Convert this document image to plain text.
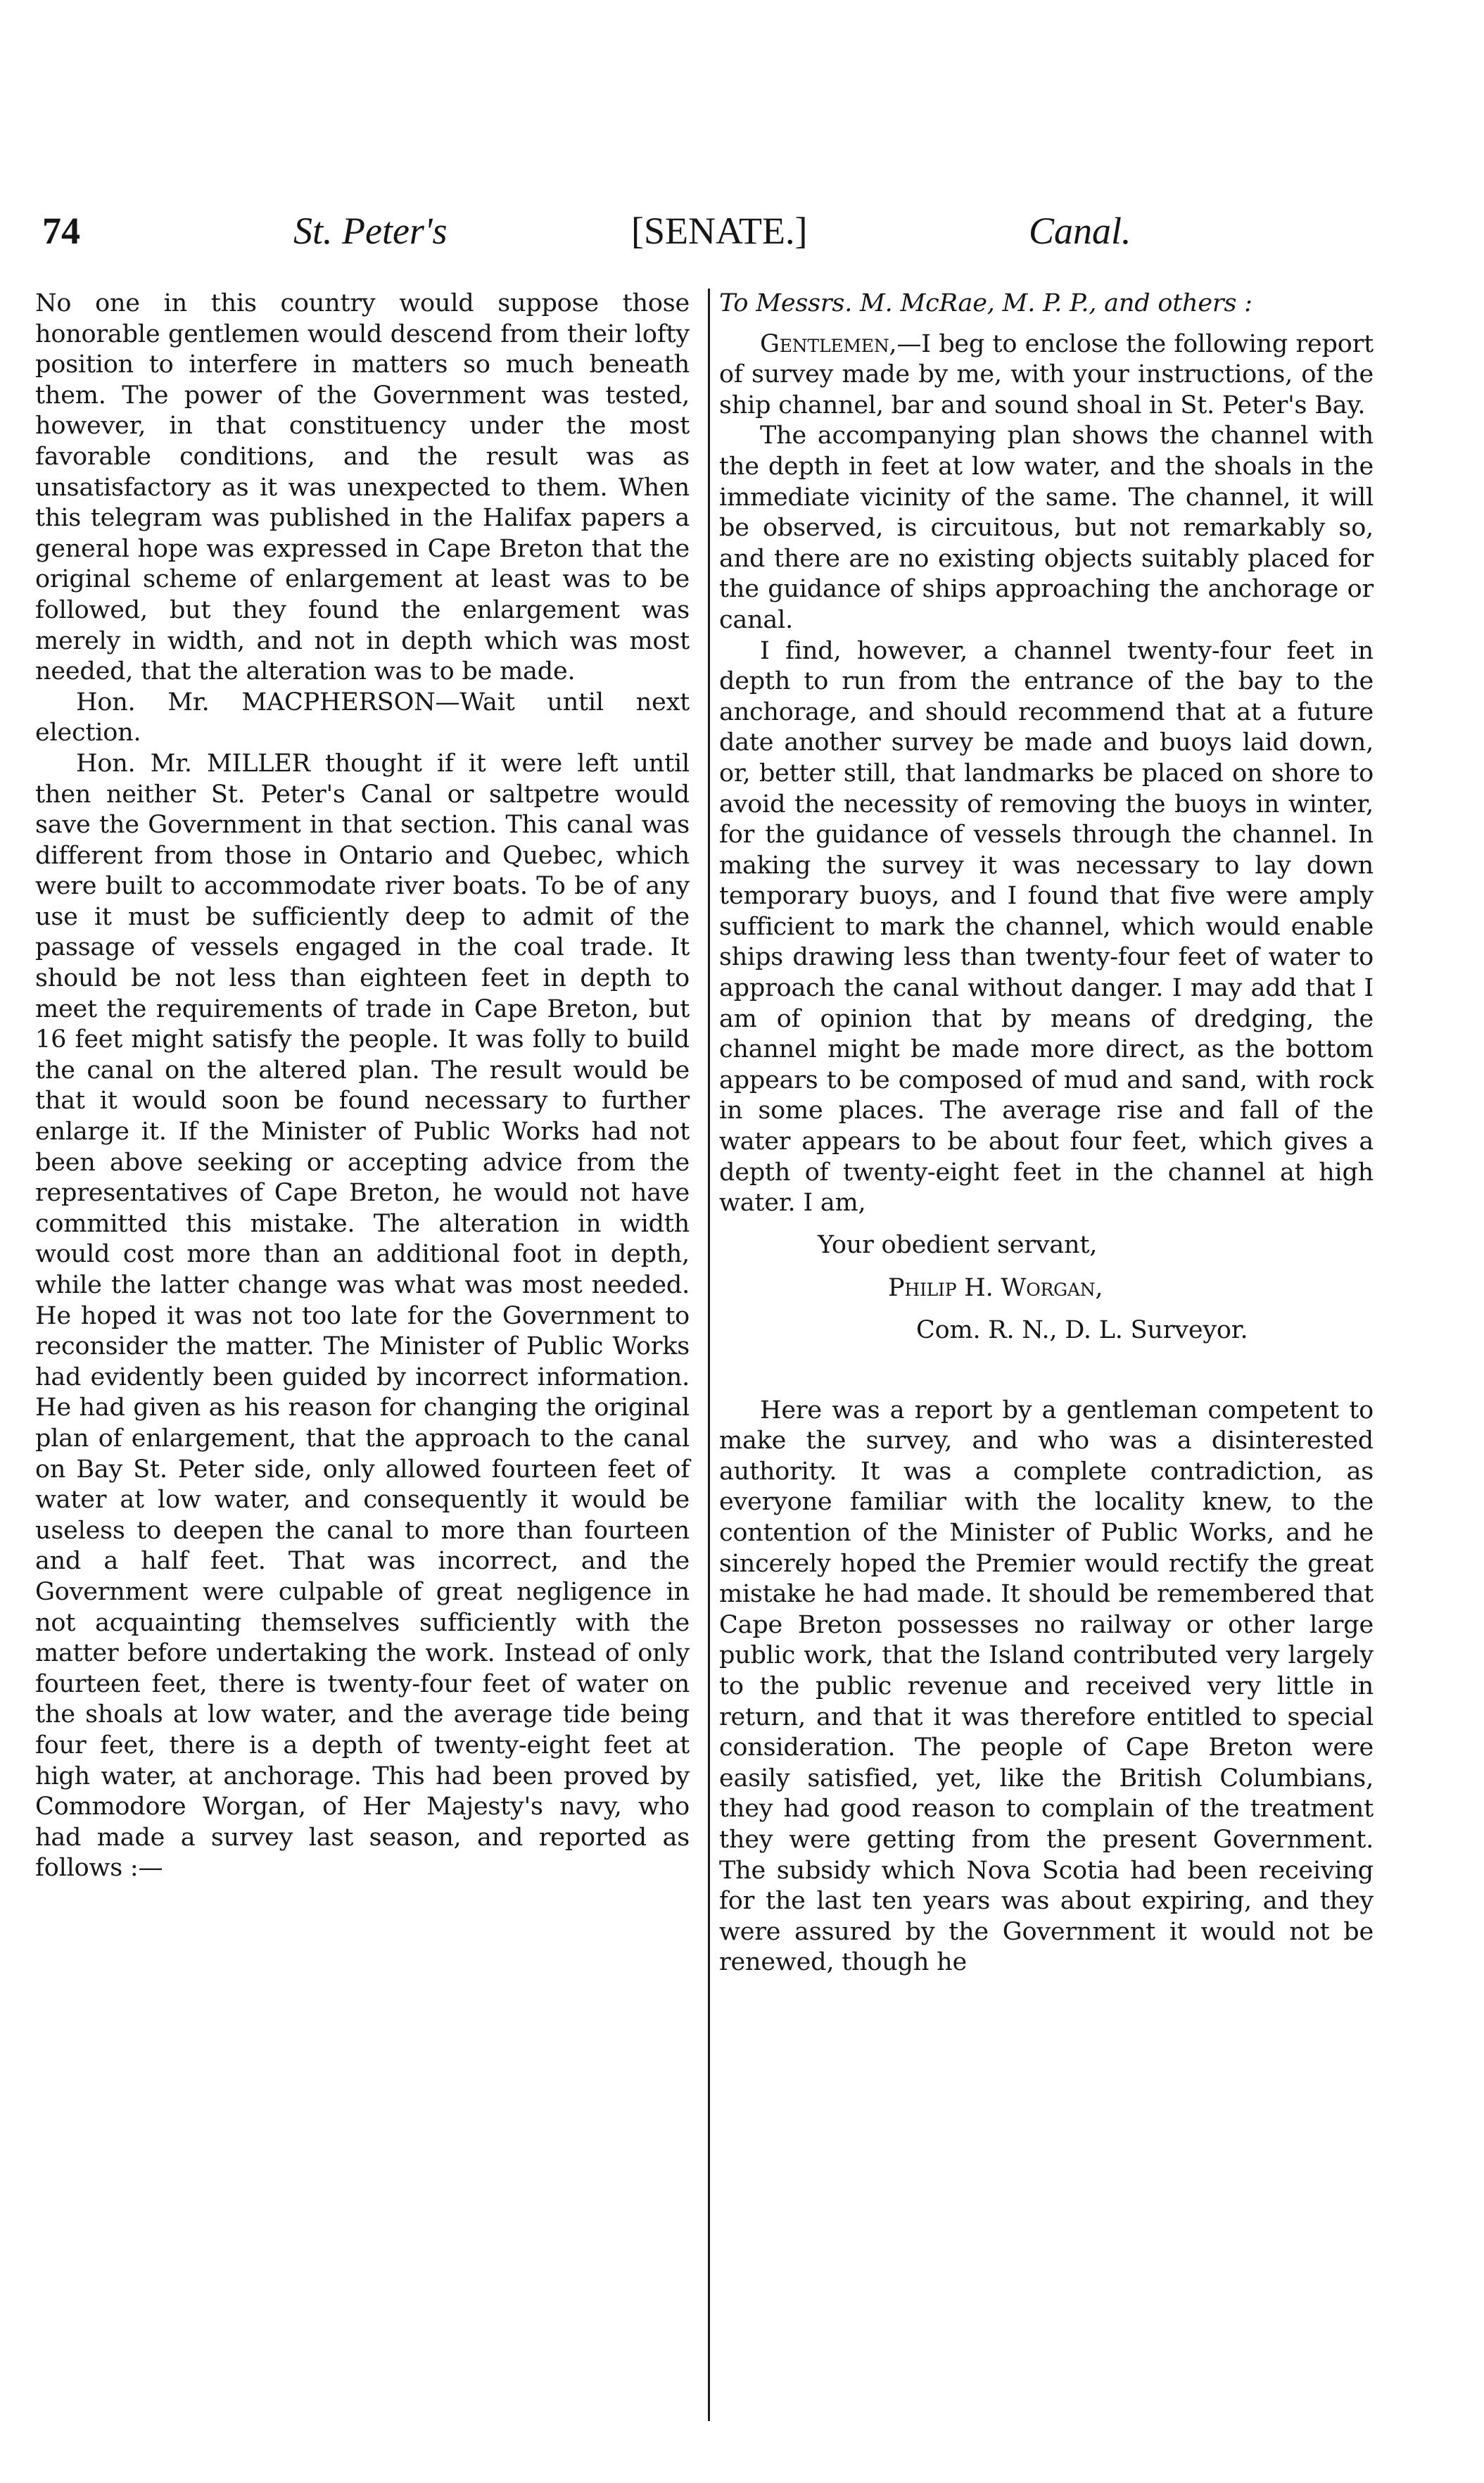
74	St. Peter's	[SENATE.]	Canal.

No one in this country would suppose those honorable gentlemen would descend from their lofty position to interfere in matters so much beneath them. The power of the Government was tested, however, in that constituency under the most favorable conditions, and the result was as unsatisfactory as it was unexpected to them. When this telegram was published in the Halifax papers a general hope was expressed in Cape Breton that the original scheme of enlargement at least was to be followed, but they found the enlargement was merely in width, and not in depth which was most needed, that the alteration was to be made.

Hon. Mr. MACPHERSON—Wait until next election.

Hon. Mr. MILLER thought if it were left until then neither St. Peter's Canal or saltpetre would save the Government in that section. This canal was different from those in Ontario and Quebec, which were built to accommodate river boats. To be of any use it must be sufficiently deep to admit of the passage of vessels engaged in the coal trade. It should be not less than eighteen feet in depth to meet the requirements of trade in Cape Breton, but 16 feet might satisfy the people. It was folly to build the canal on the altered plan. The result would be that it would soon be found necessary to further enlarge it. If the Minister of Public Works had not been above seeking or accepting advice from the representatives of Cape Breton, he would not have committed this mistake. The alteration in width would cost more than an additional foot in depth, while the latter change was what was most needed. He hoped it was not too late for the Government to reconsider the matter. The Minister of Public Works had evidently been guided by incorrect information. He had given as his reason for changing the original plan of enlargement, that the approach to the canal on Bay St. Peter side, only allowed fourteen feet of water at low water, and consequently it would be useless to deepen the canal to more than fourteen and a half feet. That was incorrect, and the Government were culpable of great negligence in not acquainting themselves sufficiently with the matter before undertaking the work. Instead of only fourteen feet, there is twenty-four feet of water on the shoals at low water, and the average tide being four feet, there is a depth of twenty-eight feet at high water, at anchorage. This had been proved by Commodore Worgan, of Her Majesty's navy, who had made a survey last season, and reported as follows :—

To Messrs. M. McRae, M. P. P., and others :

Gentlemen,—I beg to enclose the following report of survey made by me, with your instructions, of the ship channel, bar and sound shoal in St. Peter's Bay.

The accompanying plan shows the channel with the depth in feet at low water, and the shoals in the immediate vicinity of the same. The channel, it will be observed, is circuitous, but not remarkably so, and there are no existing objects suitably placed for the guidance of ships approaching the anchorage or canal.

I find, however, a channel twenty-four feet in depth to run from the entrance of the bay to the anchorage, and should recommend that at a future date another survey be made and buoys laid down, or, better still, that landmarks be placed on shore to avoid the necessity of removing the buoys in winter, for the guidance of vessels through the channel. In making the survey it was necessary to lay down temporary buoys, and I found that five were amply sufficient to mark the channel, which would enable ships drawing less than twenty-four feet of water to approach the canal without danger. I may add that I am of opinion that by means of dredging, the channel might be made more direct, as the bottom appears to be composed of mud and sand, with rock in some places. The average rise and fall of the water appears to be about four feet, which gives a depth of twenty-eight feet in the channel at high water. I am,

Your obedient servant,

Philip H. Worgan,

Com. R. N., D. L. Surveyor.

Here was a report by a gentleman competent to make the survey, and who was a disinterested authority. It was a complete contradiction, as everyone familiar with the locality knew, to the contention of the Minister of Public Works, and he sincerely hoped the Premier would rectify the great mistake he had made. It should be remembered that Cape Breton possesses no railway or other large public work, that the Island contributed very largely to the public revenue and received very little in return, and that it was therefore entitled to special consideration. The people of Cape Breton were easily satisfied, yet, like the British Columbians, they had good reason to complain of the treatment they were getting from the present Government. The subsidy which Nova Scotia had been receiving for the last ten years was about expiring, and they were assured by the Government it would not be renewed, though he
